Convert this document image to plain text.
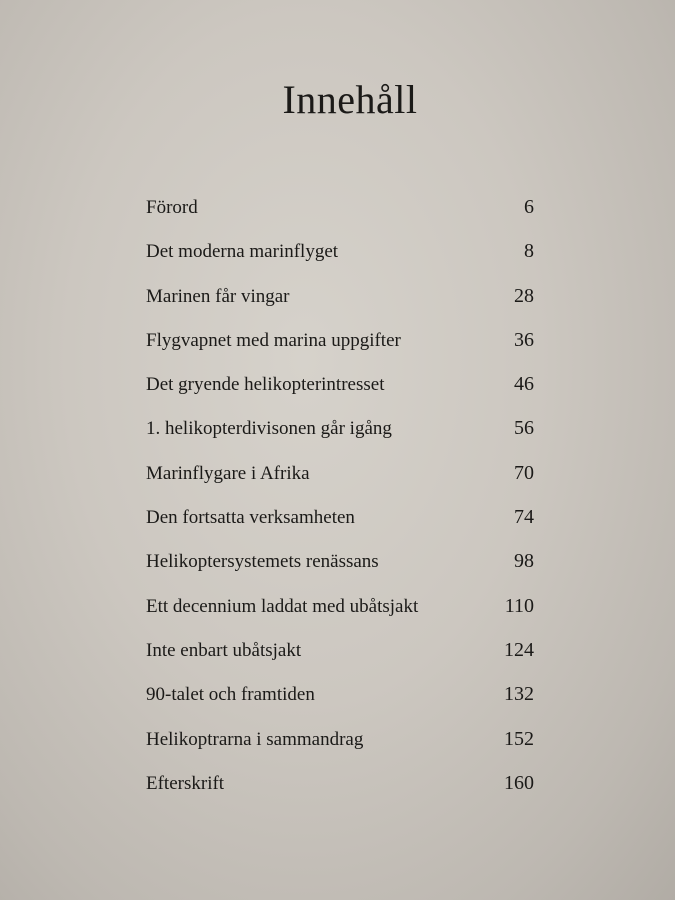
Innehåll
Förord	6
Det moderna marinflyget	8
Marinen får vingar	28
Flygvapnet med marina uppgifter	36
Det gryende helikopterintresset	46
1. helikopterdivisonen går igång	56
Marinflygare i Afrika	70
Den fortsatta verksamheten	74
Helikoptersystemets renässans	98
Ett decennium laddat med ubåtsjakt	110
Inte enbart ubåtsjakt	124
90-talet och framtiden	132
Helikoptrarna i sammandrag	152
Efterskrift	160
